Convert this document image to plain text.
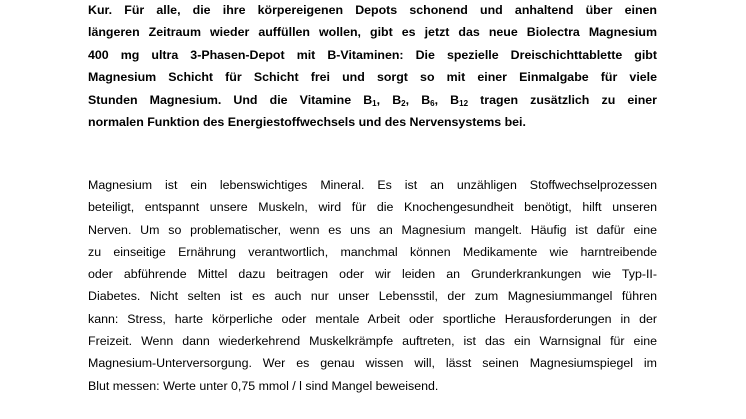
Kur. Für alle, die ihre körpereigenen Depots schonend und anhaltend über einen
längeren Zeitraum wieder auffüllen wollen, gibt es jetzt das neue Biolectra Magnesium
400 mg ultra 3-Phasen-Depot mit B-Vitaminen: Die spezielle Dreischichttablette gibt
Magnesium Schicht für Schicht frei und sorgt so mit einer Einmalgabe für viele
Stunden Magnesium. Und die Vitamine $B_1$, $B_2$, $B_6$, $B_{12}$ tragen zusätzlich zu einer
normalen Funktion des Energiestoffwechsels und des Nervensystems bei.

Magnesium ist ein lebenswichtiges Mineral. Es ist an unzähligen Stoffwechselprozessen
beteiligt, entspannt unsere Muskeln, wird für die Knochengesundheit benötigt, hilft unseren
Nerven. Um so problematischer, wenn es uns an Magnesium mangelt. Häufig ist dafür eine
zu einseitige Ernährung verantwortlich, manchmal können Medikamente wie harntreibende
oder abführende Mittel dazu beitragen oder wir leiden an Grunderkrankungen wie Typ-II-
Diabetes. Nicht selten ist es auch nur unser Lebensstil, der zum Magnesiummangel führen
kann: Stress, harte körperliche oder mentale Arbeit oder sportliche Herausforderungen in der
Freizeit. Wenn dann wiederkehrend Muskelkrämpfe auftreten, ist das ein Warnsignal für eine
Magnesium-Unterversorgung. Wer es genau wissen will, lässt seinen Magnesiumspiegel im
Blut messen: Werte unter 0,75 mmol / l sind Mangel beweisend.
